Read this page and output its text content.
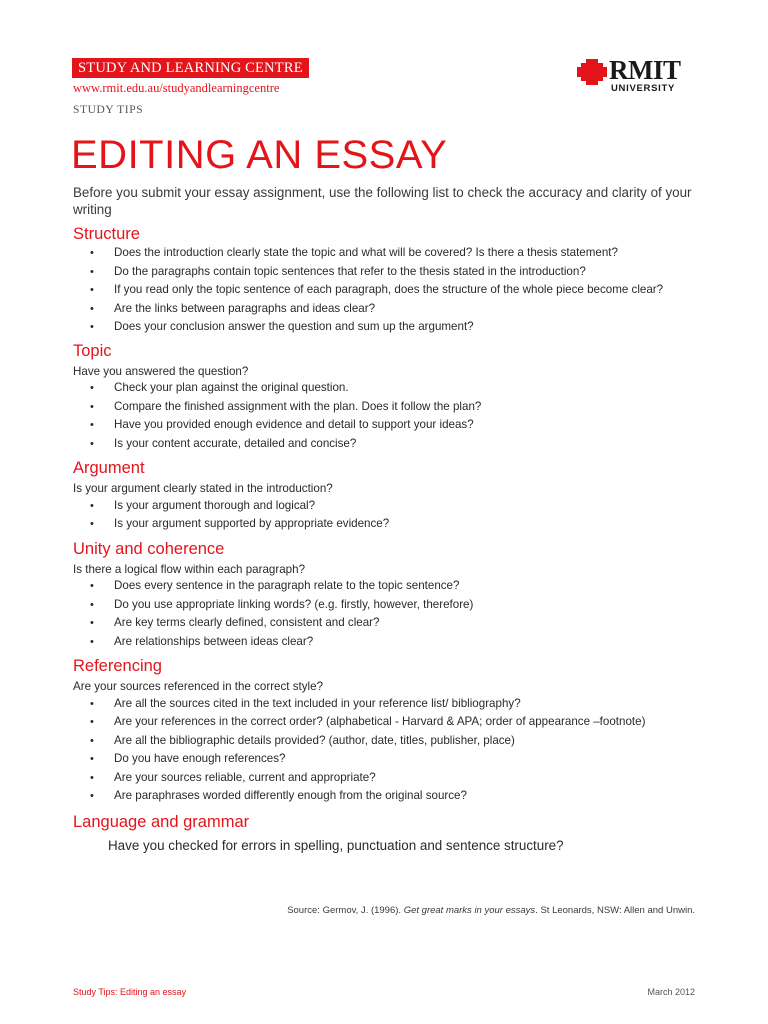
STUDY AND LEARNING CENTRE
www.rmit.edu.au/studyandlearningcentre
STUDY TIPS
RMIT
UNIVERSITY
EDITING AN ESSAY

Before you submit your essay assignment, use the following list to check the accuracy and clarity of your writing

Structure
• Does the introduction clearly state the topic and what will be covered? Is there a thesis statement?
• Do the paragraphs contain topic sentences that refer to the thesis stated in the introduction?
• If you read only the topic sentence of each paragraph, does the structure of the whole piece become clear?
• Are the links between paragraphs and ideas clear?
• Does your conclusion answer the question and sum up the argument?
Topic

Have you answered the question?

• Check your plan against the original question.
• Compare the finished assignment with the plan. Does it follow the plan?
• Have you provided enough evidence and detail to support your ideas?
• Is your content accurate, detailed and concise?
Argument

Is your argument clearly stated in the introduction?

• Is your argument thorough and logical?
• Is your argument supported by appropriate evidence?
Unity and coherence

Is there a logical flow within each paragraph?

• Does every sentence in the paragraph relate to the topic sentence?
• Do you use appropriate linking words? (e.g. firstly, however, therefore)
• Are key terms clearly defined, consistent and clear?
• Are relationships between ideas clear?
Referencing

Are your sources referenced in the correct style?

• Are all the sources cited in the text included in your reference list/ bibliography?
• Are your references in the correct order? (alphabetical - Harvard & APA; order of appearance –footnote)
• Are all the bibliographic details provided? (author, date, titles, publisher, place)
• Do you have enough references?
• Are your sources reliable, current and appropriate?
• Are paraphrases worded differently enough from the original source?
Language and grammar

Have you checked for errors in spelling, punctuation and sentence structure?

Source: Germov, J. (1996). Get great marks in your essays. St Leonards, NSW: Allen and Unwin.
Study Tips: Editing an essay	March 2012
